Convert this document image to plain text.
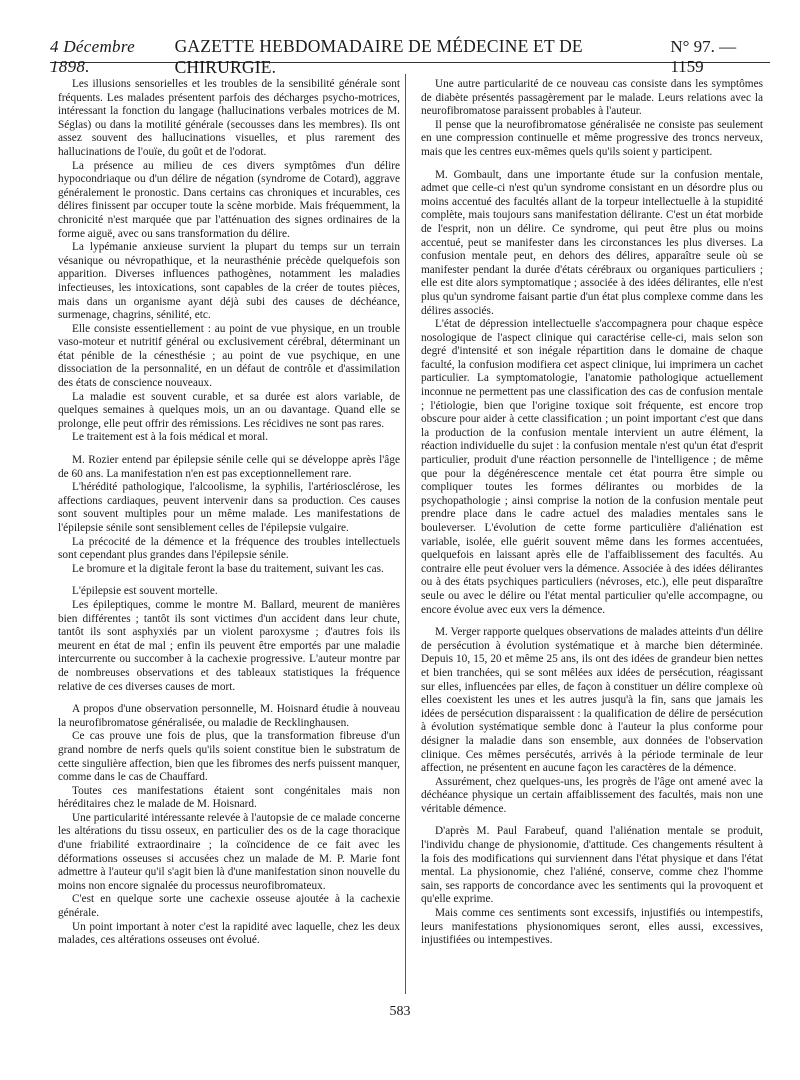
4 Décembre 1898.
GAZETTE HEBDOMADAIRE DE MÉDECINE ET DE CHIRURGIE.
N° 97. — 1159

Les illusions sensorielles et les troubles de la sensibilité générale sont fréquents. Les malades présentent parfois des décharges psycho-motrices, intéressant la fonction du langage (hallucinations verbales motrices de M. Séglas) ou dans la motilité générale (secousses dans les membres). Ils ont assez souvent des hallucinations visuelles, et plus rarement des hallucinations de l'ouïe, du goût et de l'odorat.

La présence au milieu de ces divers symptômes d'un délire hypocondriaque ou d'un délire de négation (syndrome de Cotard), aggrave généralement le pronostic. Dans certains cas chroniques et incurables, ces délires finissent par occuper toute la scène morbide. Mais fréquemment, la chronicité n'est marquée que par l'atténuation des signes ordinaires de la forme aiguë, avec ou sans transformation du délire.

La lypémanie anxieuse survient la plupart du temps sur un terrain vésanique ou névropathique, et la neurasthénie précède quelquefois son apparition. Diverses influences pathogènes, notamment les maladies infectieuses, les intoxications, sont capables de la créer de toutes pièces, mais dans un organisme ayant déjà subi des causes de déchéance, surmenage, chagrins, sénilité, etc.

Elle consiste essentiellement : au point de vue physique, en un trouble vaso-moteur et nutritif général ou exclusivement cérébral, déterminant un état pénible de la cénesthésie ; au point de vue psychique, en une dissociation de la personnalité, en un défaut de contrôle et d'assimilation des états de conscience nouveaux.

La maladie est souvent curable, et sa durée est alors variable, de quelques semaines à quelques mois, un an ou davantage. Quand elle se prolonge, elle peut offrir des rémissions. Les récidives ne sont pas rares.

Le traitement est à la fois médical et moral.

M. Rozier entend par épilepsie sénile celle qui se développe après l'âge de 60 ans. La manifestation n'en est pas exceptionnellement rare.

L'hérédité pathologique, l'alcoolisme, la syphilis, l'artériosclérose, les affections cardiaques, peuvent intervenir dans sa production. Ces causes sont souvent multiples pour un même malade. Les manifestations de l'épilepsie sénile sont sensiblement celles de l'épilepsie vulgaire.

La précocité de la démence et la fréquence des troubles intellectuels sont cependant plus grandes dans l'épilepsie sénile.

Le bromure et la digitale feront la base du traitement, suivant les cas.

L'épilepsie est souvent mortelle.

Les épileptiques, comme le montre M. Ballard, meurent de manières bien différentes ; tantôt ils sont victimes d'un accident dans leur chute, tantôt ils sont asphyxiés par un violent paroxysme ; d'autres fois ils meurent en état de mal ; enfin ils peuvent être emportés par une maladie intercurrente ou succomber à la cachexie progressive. L'auteur montre par de nombreuses observations et des tableaux statistiques la fréquence relative de ces diverses causes de mort.

A propos d'une observation personnelle, M. Hoisnard étudie à nouveau la neurofibromatose généralisée, ou maladie de Recklinghausen.

Ce cas prouve une fois de plus, que la transformation fibreuse d'un grand nombre de nerfs quels qu'ils soient constitue bien le substratum de cette singulière affection, bien que les fibromes des nerfs puissent manquer, comme dans le cas de Chauffard.

Toutes ces manifestations étaient sont congénitales mais non héréditaires chez le malade de M. Hoisnard.

Une particularité intéressante relevée à l'autopsie de ce malade concerne les altérations du tissu osseux, en particulier des os de la cage thoracique d'une friabilité extraordinaire ; la coïncidence de ce fait avec les déformations osseuses si accusées chez un malade de M. P. Marie font admettre à l'auteur qu'il s'agit bien là d'une manifestation sinon nouvelle du moins non encore signalée du processus neurofibromateux.

C'est en quelque sorte une cachexie osseuse ajoutée à la cachexie générale.

Un point important à noter c'est la rapidité avec laquelle, chez les deux malades, ces altérations osseuses ont évolué.

Une autre particularité de ce nouveau cas consiste dans les symptômes de diabète présentés passagèrement par le malade. Leurs relations avec la neurofibromatose paraissent probables à l'auteur.

Il pense que la neurofibromatose généralisée ne consiste pas seulement en une compression continuelle et même progressive des troncs nerveux, mais que les centres eux-mêmes quels qu'ils soient y participent.

M. Gombault, dans une importante étude sur la confusion mentale, admet que celle-ci n'est qu'un syndrome consistant en un désordre plus ou moins accentué des facultés allant de la torpeur intellectuelle à la stupidité complète, mais toujours sans manifestation délirante. C'est un état morbide de l'esprit, non un délire. Ce syndrome, qui peut être plus ou moins accentué, peut se manifester dans les circonstances les plus diverses. La confusion mentale peut, en dehors des délires, apparaître seule où se manifester pendant la durée d'états cérébraux ou organiques particuliers ; elle est dite alors symptomatique ; associée à des idées délirantes, elle n'est plus qu'un syndrome faisant partie d'un état plus complexe comme dans les délires associés.

L'état de dépression intellectuelle s'accompagnera pour chaque espèce nosologique de l'aspect clinique qui caractérise celle-ci, mais selon son degré d'intensité et son inégale répartition dans le domaine de chaque faculté, la confusion modifiera cet aspect clinique, lui imprimera un cachet particulier. La symptomatologie, l'anatomie pathologique actuellement inconnue ne permettent pas une classification des cas de confusion mentale ; l'étiologie, bien que l'origine toxique soit fréquente, est encore trop obscure pour aider à cette classification ; un point important c'est que dans la production de la confusion mentale intervient un autre élément, la réaction individuelle du sujet : la confusion mentale n'est qu'un état d'esprit particulier, produit d'une réaction personnelle de l'intelligence ; de même que pour la dégénérescence mentale cet état pourra être simple ou compliquer toutes les formes délirantes ou morbides de la psychopathologie ; ainsi comprise la notion de la confusion mentale peut prendre place dans le cadre actuel des maladies mentales sans le bouleverser. L'évolution de cette forme particulière d'aliénation est variable, isolée, elle guérit souvent même dans les formes accentuées, quelquefois en laissant après elle de l'affaiblissement des facultés. Au contraire elle peut évoluer vers la démence. Associée à des idées délirantes ou à des états psychiques particuliers (névroses, etc.), elle peut disparaître seule ou avec le délire ou l'état mental particulier qu'elle accompagne, ou encore évolue avec eux vers la démence.

M. Verger rapporte quelques observations de malades atteints d'un délire de persécution à évolution systématique et à marche bien déterminée. Depuis 10, 15, 20 et même 25 ans, ils ont des idées de grandeur bien nettes et bien tranchées, qui se sont mêlées aux idées de persécution, réagissant sur elles, influencées par elles, de façon à constituer un délire complexe où elles coexistent les unes et les autres jusqu'à la fin, sans que jamais les idées de persécution disparaissent : la qualification de délire de persécution à évolution systématique semble donc à l'auteur la plus conforme pour désigner la maladie dans son ensemble, aux données de l'observation clinique. Ces mêmes persécutés, arrivés à la période terminale de leur affection, ne présentent en aucune façon les caractères de la démence.

Assurément, chez quelques-uns, les progrès de l'âge ont amené avec la déchéance physique un certain affaiblissement des facultés, mais non une véritable démence.

D'après M. Paul Farabeuf, quand l'aliénation mentale se produit, l'individu change de physionomie, d'attitude. Ces changements résultent à la fois des modifications qui surviennent dans l'état physique et dans l'état mental. La physionomie, chez l'aliéné, conserve, comme chez l'homme sain, ses rapports de concordance avec les sentiments qui la provoquent et qu'elle exprime.

Mais comme ces sentiments sont excessifs, injustifiés ou intempestifs, leurs manifestations physionomiques seront, elles aussi, excessives, injustifiées ou intempestives.

583
